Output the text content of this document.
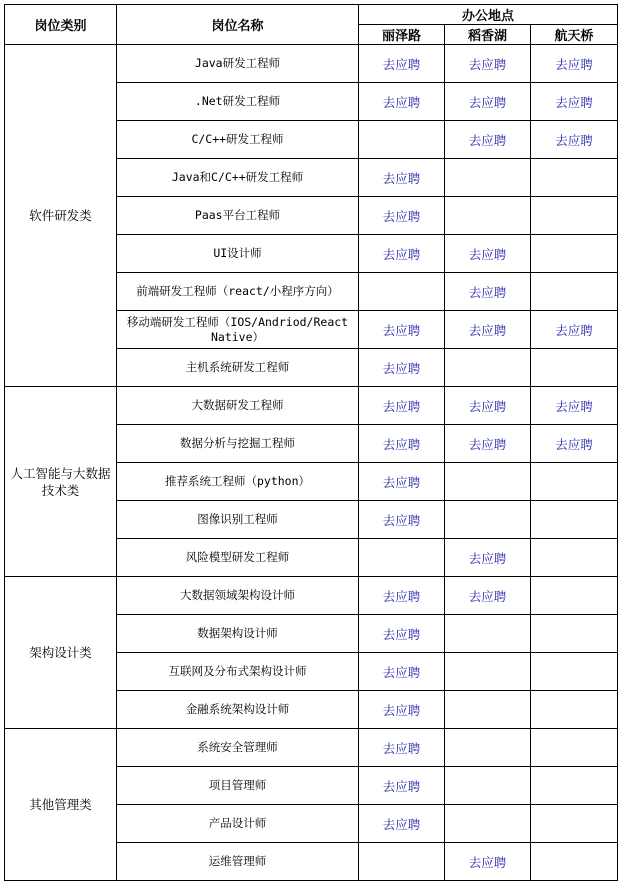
岗位类别	岗位名称	办公地点		
		丽泽路	稻香湖	航天桥
软件研发类	Java研发工程师	去应聘	去应聘	去应聘
	.Net研发工程师	去应聘	去应聘	去应聘
	C/C++研发工程师		去应聘	去应聘
	Java和C/C++研发工程师	去应聘		
	Paas平台工程师	去应聘		
	UI设计师	去应聘	去应聘	
	前端研发工程师（react/小程序方向）		去应聘	
	移动端研发工程师（IOS/Andriod/React Native）	去应聘	去应聘	去应聘
	主机系统研发工程师	去应聘		
人工智能与大数据技术类	大数据研发工程师	去应聘	去应聘	去应聘
	数据分析与挖掘工程师	去应聘	去应聘	去应聘
	推荐系统工程师（python）	去应聘		
	图像识别工程师	去应聘		
	风险模型研发工程师		去应聘	
架构设计类	大数据领域架构设计师	去应聘	去应聘	
	数据架构设计师	去应聘		
	互联网及分布式架构设计师	去应聘		
	金融系统架构设计师	去应聘		
其他管理类	系统安全管理师	去应聘		
	项目管理师	去应聘		
	产品设计师	去应聘		
	运维管理师		去应聘	
